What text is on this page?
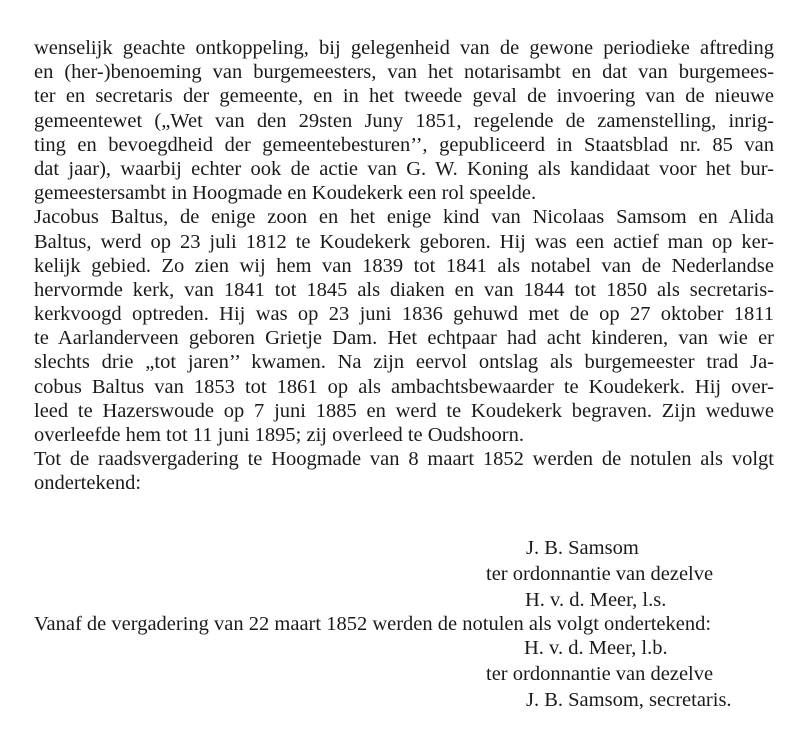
wenselijk geachte ontkoppeling, bij gelegenheid van de gewone periodieke aftreding
en (her-)benoeming van burgemeesters, van het notarisambt en dat van burgemees-
ter en secretaris der gemeente, en in het tweede geval de invoering van de nieuwe
gemeentewet („Wet van den 29sten Juny 1851, regelende de zamenstelling, inrig-
ting en bevoegdheid der gemeentebesturen’’, gepubliceerd in Staatsblad nr. 85 van
dat jaar), waarbij echter ook de actie van G. W. Koning als kandidaat voor het bur-
gemeestersambt in Hoogmade en Koudekerk een rol speelde.
Jacobus Baltus, de enige zoon en het enige kind van Nicolaas Samsom en Alida
Baltus, werd op 23 juli 1812 te Koudekerk geboren. Hij was een actief man op ker-
kelijk gebied. Zo zien wij hem van 1839 tot 1841 als notabel van de Nederlandse
hervormde kerk, van 1841 tot 1845 als diaken en van 1844 tot 1850 als secretaris-
kerkvoogd optreden. Hij was op 23 juni 1836 gehuwd met de op 27 oktober 1811
te Aarlanderveen geboren Grietje Dam. Het echtpaar had acht kinderen, van wie er
slechts drie „tot jaren’’ kwamen. Na zijn eervol ontslag als burgemeester trad Ja-
cobus Baltus van 1853 tot 1861 op als ambachtsbewaarder te Koudekerk. Hij over-
leed te Hazerswoude op 7 juni 1885 en werd te Koudekerk begraven. Zijn weduwe
overleefde hem tot 11 juni 1895; zij overleed te Oudshoorn.
Tot de raadsvergadering te Hoogmade van 8 maart 1852 werden de notulen als volgt
ondertekend:
J. B. Samsom
ter ordonnantie van dezelve
H. v. d. Meer, l.s.
Vanaf de vergadering van 22 maart 1852 werden de notulen als volgt ondertekend:
H. v. d. Meer, l.b.
ter ordonnantie van dezelve
J. B. Samsom, secretaris.
